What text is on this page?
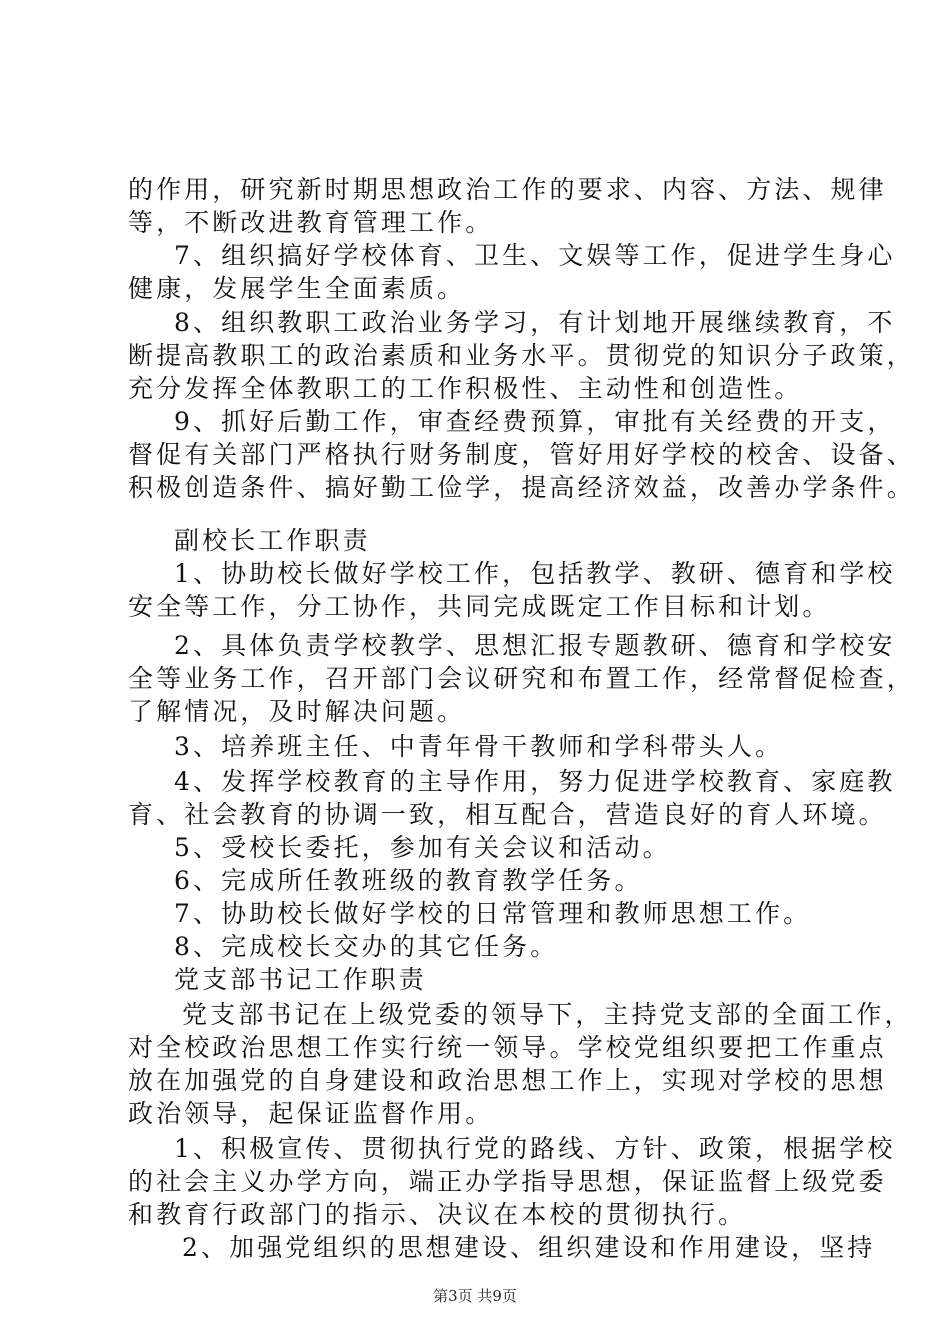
的作用，研究新时期思想政治工作的要求、内容、方法、规律
等，不断改进教育管理工作。
7、组织搞好学校体育、卫生、文娱等工作，促进学生身心
健康，发展学生全面素质。
8、组织教职工政治业务学习，有计划地开展继续教育，不
断提高教职工的政治素质和业务水平。贯彻党的知识分子政策，
充分发挥全体教职工的工作积极性、主动性和创造性。
9、抓好后勤工作，审查经费预算，审批有关经费的开支，
督促有关部门严格执行财务制度，管好用好学校的校舍、设备、
积极创造条件、搞好勤工俭学，提高经济效益，改善办学条件。
副校长工作职责
1、协助校长做好学校工作，包括教学、教研、德育和学校
安全等工作，分工协作，共同完成既定工作目标和计划。
2、具体负责学校教学、思想汇报专题教研、德育和学校安
全等业务工作，召开部门会议研究和布置工作，经常督促检查，
了解情况，及时解决问题。
3、培养班主任、中青年骨干教师和学科带头人。
4、发挥学校教育的主导作用，努力促进学校教育、家庭教
育、社会教育的协调一致，相互配合，营造良好的育人环境。
5、受校长委托，参加有关会议和活动。
6、完成所任教班级的教育教学任务。
7、协助校长做好学校的日常管理和教师思想工作。
8、完成校长交办的其它任务。
党支部书记工作职责
党支部书记在上级党委的领导下，主持党支部的全面工作，
对全校政治思想工作实行统一领导。学校党组织要把工作重点
放在加强党的自身建设和政治思想工作上，实现对学校的思想
政治领导，起保证监督作用。
1、积极宣传、贯彻执行党的路线、方针、政策，根据学校
的社会主义办学方向，端正办学指导思想，保证监督上级党委
和教育行政部门的指示、决议在本校的贯彻执行。
2、加强党组织的思想建设、组织建设和作用建设，坚持
第3页 共9页
